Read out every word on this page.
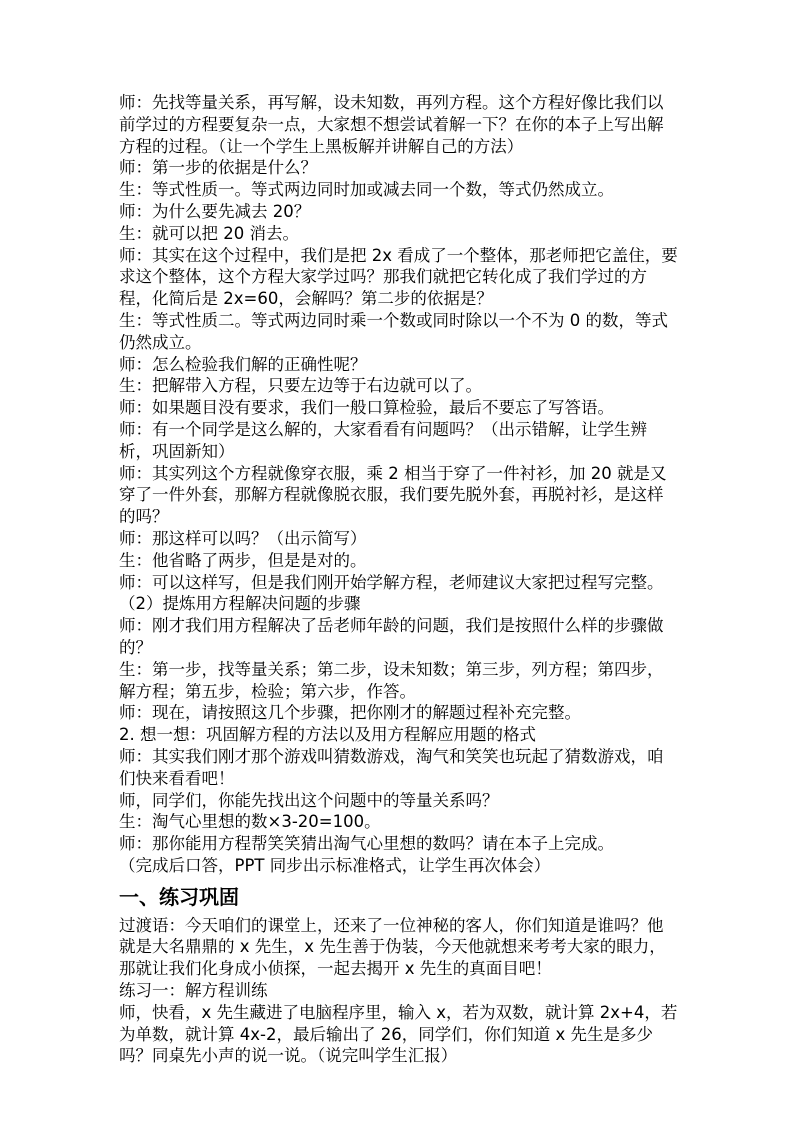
师：先找等量关系，再写解，设未知数，再列方程。这个方程好像比我们以前学过的方程要复杂一点，大家想不想尝试着解一下？在你的本子上写出解方程的过程。（让一个学生上黑板解并讲解自己的方法）

师：第一步的依据是什么？

生：等式性质一。等式两边同时加或减去同一个数，等式仍然成立。

师：为什么要先减去 20？

生：就可以把 20 消去。

师：其实在这个过程中，我们是把 2x 看成了一个整体，那老师把它盖住，要求这个整体，这个方程大家学过吗？那我们就把它转化成了我们学过的方程，化简后是 2x=60，会解吗？第二步的依据是？

生：等式性质二。等式两边同时乘一个数或同时除以一个不为 0 的数，等式仍然成立。

师：怎么检验我们解的正确性呢？

生：把解带入方程，只要左边等于右边就可以了。

师：如果题目没有要求，我们一般口算检验，最后不要忘了写答语。

师：有一个同学是这么解的，大家看看有问题吗？（出示错解，让学生辨析，巩固新知）

师：其实列这个方程就像穿衣服，乘 2 相当于穿了一件衬衫，加 20 就是又穿了一件外套，那解方程就像脱衣服，我们要先脱外套，再脱衬衫，是这样的吗？

师：那这样可以吗？（出示简写）

生：他省略了两步，但是是对的。

师：可以这样写，但是我们刚开始学解方程，老师建议大家把过程写完整。

（2）提炼用方程解决问题的步骤

师：刚才我们用方程解决了岳老师年龄的问题，我们是按照什么样的步骤做的？

生：第一步，找等量关系；第二步，设未知数；第三步，列方程；第四步，解方程；第五步，检验；第六步，作答。

师：现在，请按照这几个步骤，把你刚才的解题过程补充完整。

2. 想一想：巩固解方程的方法以及用方程解应用题的格式

师：其实我们刚才那个游戏叫猜数游戏，淘气和笑笑也玩起了猜数游戏，咱们快来看看吧！

师，同学们，你能先找出这个问题中的等量关系吗？

生：淘气心里想的数×3-20=100。

师：那你能用方程帮笑笑猜出淘气心里想的数吗？请在本子上完成。

（完成后口答，PPT 同步出示标准格式，让学生再次体会）

一、练习巩固

过渡语：今天咱们的课堂上，还来了一位神秘的客人，你们知道是谁吗？他就是大名鼎鼎的 x 先生，x 先生善于伪装，今天他就想来考考大家的眼力，那就让我们化身成小侦探，一起去揭开 x 先生的真面目吧！

练习一：解方程训练

师，快看，x 先生藏进了电脑程序里，输入 x，若为双数，就计算 2x+4，若为单数，就计算 4x-2，最后输出了 26，同学们，你们知道 x 先生是多少吗？同桌先小声的说一说。（说完叫学生汇报）
